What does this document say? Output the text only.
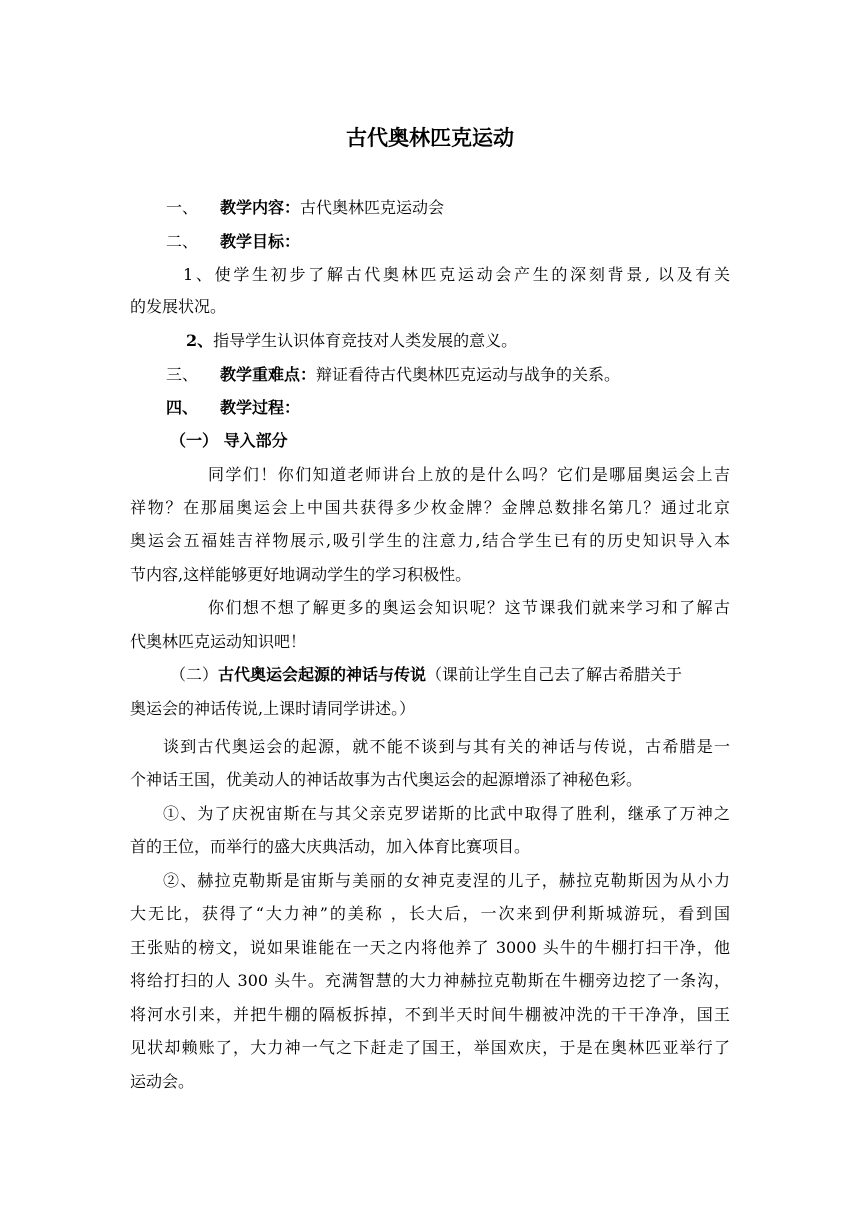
古代奥林匹克运动
一、 教学内容：古代奥林匹克运动会
二、 教学目标：
1、使学生初步了解古代奥林匹克运动会产生的深刻背景, 以及有关
的发展状况。
2、指导学生认识体育竞技对人类发展的意义。
三、 教学重难点：辩证看待古代奥林匹克运动与战争的关系。
四、 教学过程：
（一） 导入部分
同学们！你们知道老师讲台上放的是什么吗？它们是哪届奥运会上吉
祥物？在那届奥运会上中国共获得多少枚金牌？金牌总数排名第几？通过北京
奥运会五福娃吉祥物展示,吸引学生的注意力,结合学生已有的历史知识导入本
节内容,这样能够更好地调动学生的学习积极性。
你们想不想了解更多的奥运会知识呢？这节课我们就来学习和了解古
代奥林匹克运动知识吧！
（二）古代奥运会起源的神话与传说（课前让学生自己去了解古希腊关于
奥运会的神话传说,上课时请同学讲述。）
谈到古代奥运会的起源，就不能不谈到与其有关的神话与传说，古希腊是一
个神话王国，优美动人的神话故事为古代奥运会的起源增添了神秘色彩。
①、为了庆祝宙斯在与其父亲克罗诺斯的比武中取得了胜利，继承了万神之
首的王位，而举行的盛大庆典活动，加入体育比赛项目。
②、赫拉克勒斯是宙斯与美丽的女神克麦涅的儿子，赫拉克勒斯因为从小力
大无比，获得了“大力神”的美称 ，长大后，一次来到伊利斯城游玩，看到国
王张贴的榜文，说如果谁能在一天之内将他养了 3000 头牛的牛棚打扫干净，他
将给打扫的人 300 头牛。充满智慧的大力神赫拉克勒斯在牛棚旁边挖了一条沟，
将河水引来，并把牛棚的隔板拆掉，不到半天时间牛棚被冲洗的干干净净，国王
见状却赖账了，大力神一气之下赶走了国王，举国欢庆，于是在奥林匹亚举行了
运动会。
